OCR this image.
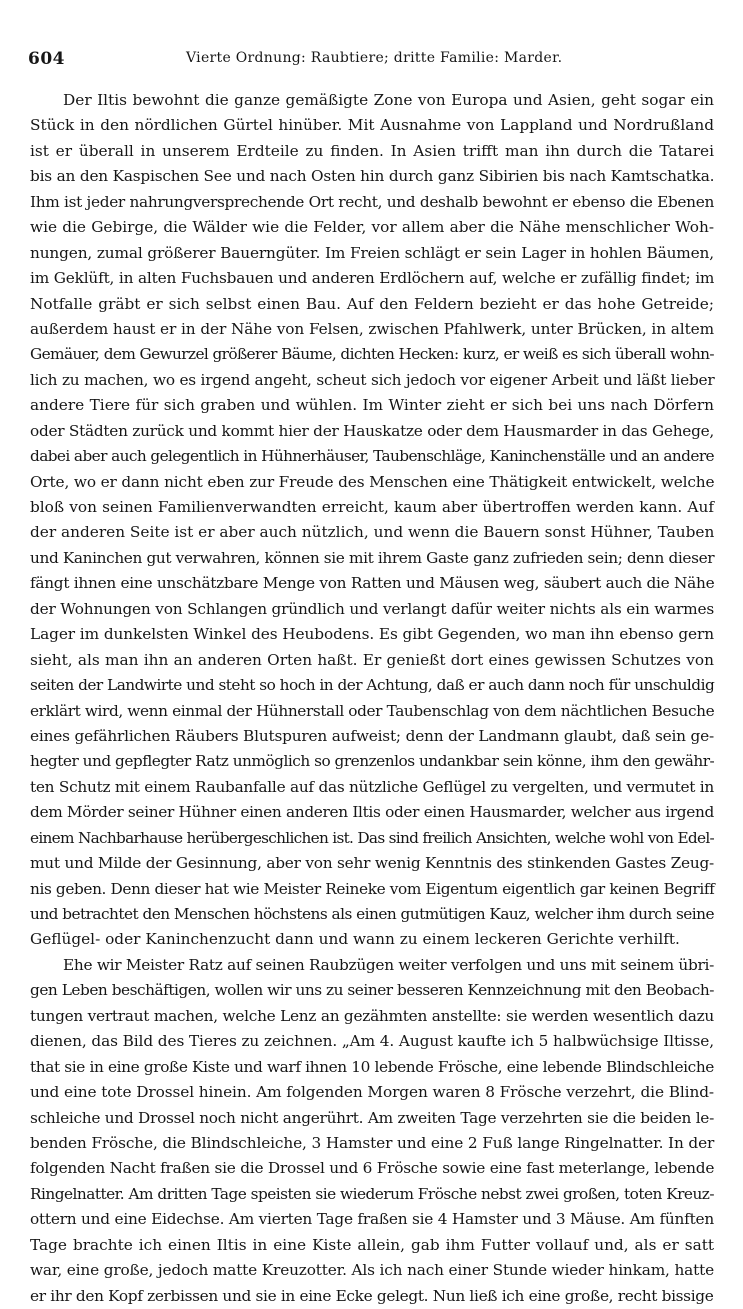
604	Vierte Ordnung: Raubtiere; dritte Familie: Marder.

Der Iltis bewohnt die ganze gemäßigte Zone von Europa und Asien, geht sogar ein
Stück in den nördlichen Gürtel hinüber. Mit Ausnahme von Lappland und Nordrußland
ist er überall in unserem Erdteile zu finden. In Asien trifft man ihn durch die Tatarei
bis an den Kaspischen See und nach Osten hin durch ganz Sibirien bis nach Kamtschatka.
Ihm ist jeder nahrungversprechende Ort recht, und deshalb bewohnt er ebenso die Ebenen
wie die Gebirge, die Wälder wie die Felder, vor allem aber die Nähe menschlicher Woh-
nungen, zumal größerer Bauerngüter. Im Freien schlägt er sein Lager in hohlen Bäumen,
im Geklüft, in alten Fuchsbauen und anderen Erdlöchern auf, welche er zufällig findet; im
Notfalle gräbt er sich selbst einen Bau. Auf den Feldern bezieht er das hohe Getreide;
außerdem haust er in der Nähe von Felsen, zwischen Pfahlwerk, unter Brücken, in altem
Gemäuer, dem Gewurzel größerer Bäume, dichten Hecken: kurz, er weiß es sich überall wohn-
lich zu machen, wo es irgend angeht, scheut sich jedoch vor eigener Arbeit und läßt lieber
andere Tiere für sich graben und wühlen. Im Winter zieht er sich bei uns nach Dörfern
oder Städten zurück und kommt hier der Hauskatze oder dem Hausmarder in das Gehege,
dabei aber auch gelegentlich in Hühnerhäuser, Taubenschläge, Kaninchenställe und an andere
Orte, wo er dann nicht eben zur Freude des Menschen eine Thätigkeit entwickelt, welche
bloß von seinen Familienverwandten erreicht, kaum aber übertroffen werden kann. Auf
der anderen Seite ist er aber auch nützlich, und wenn die Bauern sonst Hühner, Tauben
und Kaninchen gut verwahren, können sie mit ihrem Gaste ganz zufrieden sein; denn dieser
fängt ihnen eine unschätzbare Menge von Ratten und Mäusen weg, säubert auch die Nähe
der Wohnungen von Schlangen gründlich und verlangt dafür weiter nichts als ein warmes
Lager im dunkelsten Winkel des Heubodens. Es gibt Gegenden, wo man ihn ebenso gern
sieht, als man ihn an anderen Orten haßt. Er genießt dort eines gewissen Schutzes von
seiten der Landwirte und steht so hoch in der Achtung, daß er auch dann noch für unschuldig
erklärt wird, wenn einmal der Hühnerstall oder Taubenschlag von dem nächtlichen Besuche
eines gefährlichen Räubers Blutspuren aufweist; denn der Landmann glaubt, daß sein ge-
hegter und gepflegter Ratz unmöglich so grenzenlos undankbar sein könne, ihm den gewähr-
ten Schutz mit einem Raubanfalle auf das nützliche Geflügel zu vergelten, und vermutet in
dem Mörder seiner Hühner einen anderen Iltis oder einen Hausmarder, welcher aus irgend
einem Nachbarhause herübergeschlichen ist. Das sind freilich Ansichten, welche wohl von Edel-
mut und Milde der Gesinnung, aber von sehr wenig Kenntnis des stinkenden Gastes Zeug-
nis geben. Denn dieser hat wie Meister Reineke vom Eigentum eigentlich gar keinen Begriff
und betrachtet den Menschen höchstens als einen gutmütigen Kauz, welcher ihm durch seine
Geflügel- oder Kaninchenzucht dann und wann zu einem leckeren Gerichte verhilft.

Ehe wir Meister Ratz auf seinen Raubzügen weiter verfolgen und uns mit seinem übri-
gen Leben beschäftigen, wollen wir uns zu seiner besseren Kennzeichnung mit den Beobach-
tungen vertraut machen, welche Lenz an gezähmten anstellte: sie werden wesentlich dazu
dienen, das Bild des Tieres zu zeichnen. „Am 4. August kaufte ich 5 halbwüchsige Iltisse,
that sie in eine große Kiste und warf ihnen 10 lebende Frösche, eine lebende Blindschleiche
und eine tote Drossel hinein. Am folgenden Morgen waren 8 Frösche verzehrt, die Blind-
schleiche und Drossel noch nicht angerührt. Am zweiten Tage verzehrten sie die beiden le-
benden Frösche, die Blindschleiche, 3 Hamster und eine 2 Fuß lange Ringelnatter. In der
folgenden Nacht fraßen sie die Drossel und 6 Frösche sowie eine fast meterlange, lebende
Ringelnatter. Am dritten Tage speisten sie wiederum Frösche nebst zwei großen, toten Kreuz-
ottern und eine Eidechse. Am vierten Tage fraßen sie 4 Hamster und 3 Mäuse. Am fünften
Tage brachte ich einen Iltis in eine Kiste allein, gab ihm Futter vollauf und, als er satt
war, eine große, jedoch matte Kreuzotter. Als ich nach einer Stunde wieder hinkam, hatte
er ihr den Kopf zerbissen und sie in eine Ecke gelegt. Nun ließ ich eine große, recht bissige
